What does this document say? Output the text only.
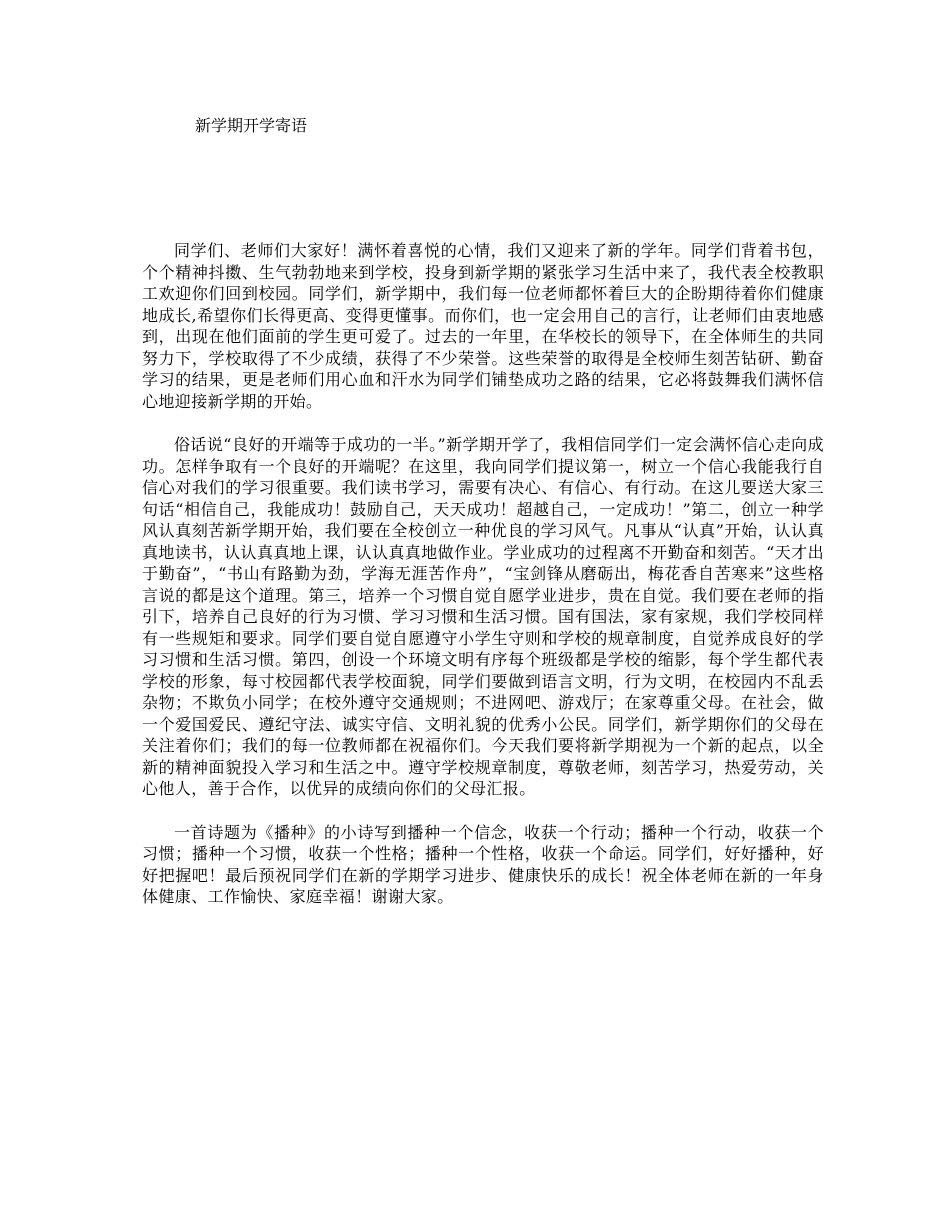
新学期开学寄语

同学们、老师们大家好！满怀着喜悦的心情，我们又迎来了新的学年。同学们背着书包，个个精神抖擞、生气勃勃地来到学校，投身到新学期的紧张学习生活中来了，我代表全校教职工欢迎你们回到校园。同学们，新学期中，我们每一位老师都怀着巨大的企盼期待着你们健康地成长,希望你们长得更高、变得更懂事。而你们，也一定会用自己的言行，让老师们由衷地感到，出现在他们面前的学生更可爱了。过去的一年里，在华校长的领导下，在全体师生的共同努力下，学校取得了不少成绩，获得了不少荣誉。这些荣誉的取得是全校师生刻苦钻研、勤奋学习的结果，更是老师们用心血和汗水为同学们铺垫成功之路的结果，它必将鼓舞我们满怀信心地迎接新学期的开始。

俗话说“良好的开端等于成功的一半。”新学期开学了，我相信同学们一定会满怀信心走向成功。怎样争取有一个良好的开端呢？在这里，我向同学们提议第一，树立一个信心我能我行自信心对我们的学习很重要。我们读书学习，需要有决心、有信心、有行动。在这儿要送大家三句话“相信自己，我能成功！鼓励自己，天天成功！超越自己，一定成功！”第二，创立一种学风认真刻苦新学期开始，我们要在全校创立一种优良的学习风气。凡事从“认真”开始，认认真真地读书，认认真真地上课，认认真真地做作业。学业成功的过程离不开勤奋和刻苦。“天才出于勤奋”，“书山有路勤为劲，学海无涯苦作舟”，“宝剑锋从磨砺出，梅花香自苦寒来”这些格言说的都是这个道理。第三，培养一个习惯自觉自愿学业进步，贵在自觉。我们要在老师的指引下，培养自己良好的行为习惯、学习习惯和生活习惯。国有国法，家有家规，我们学校同样有一些规矩和要求。同学们要自觉自愿遵守小学生守则和学校的规章制度，自觉养成良好的学习习惯和生活习惯。第四，创设一个环境文明有序每个班级都是学校的缩影，每个学生都代表学校的形象，每寸校园都代表学校面貌，同学们要做到语言文明，行为文明，在校园内不乱丢杂物；不欺负小同学；在校外遵守交通规则；不进网吧、游戏厅；在家尊重父母。在社会，做一个爱国爱民、遵纪守法、诚实守信、文明礼貌的优秀小公民。同学们，新学期你们的父母在关注着你们；我们的每一位教师都在祝福你们。今天我们要将新学期视为一个新的起点，以全新的精神面貌投入学习和生活之中。遵守学校规章制度，尊敬老师，刻苦学习，热爱劳动，关心他人，善于合作，以优异的成绩向你们的父母汇报。

一首诗题为《播种》的小诗写到播种一个信念，收获一个行动；播种一个行动，收获一个习惯；播种一个习惯，收获一个性格；播种一个性格，收获一个命运。同学们，好好播种，好好把握吧！最后预祝同学们在新的学期学习进步、健康快乐的成长！祝全体老师在新的一年身体健康、工作愉快、家庭幸福！谢谢大家。
